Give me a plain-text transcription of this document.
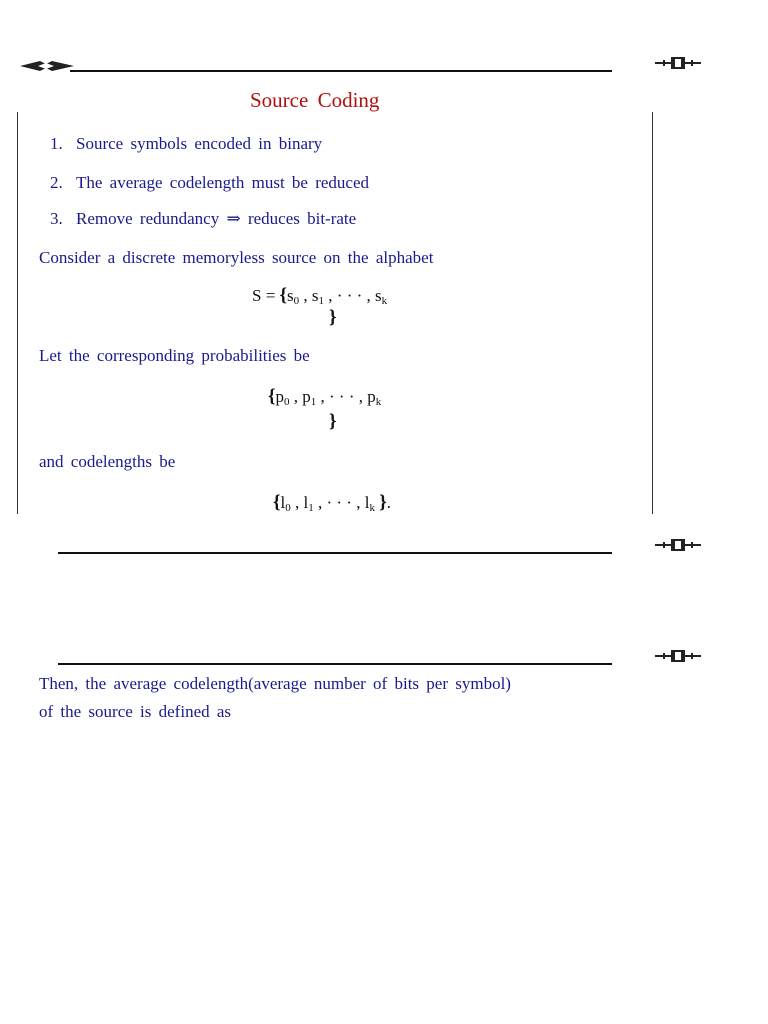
Source Coding
1. Source symbols encoded in binary
2. The average codelength must be reduced
3. Remove redundancy ⇒ reduces bit-rate
Consider a discrete memoryless source on the alphabet
$S = \{s_0$ , $s_1$ , · · · , $s_k$
}
Let the corresponding probabilities be
{$p_0$ , $p_1$ , · · · , $p_k$
}
and codelengths be
{$l_0$ , $l_1$ , · · · , $l_k$ }.
Then, the average codelength(average number of bits per symbol)
of the source is defined as
